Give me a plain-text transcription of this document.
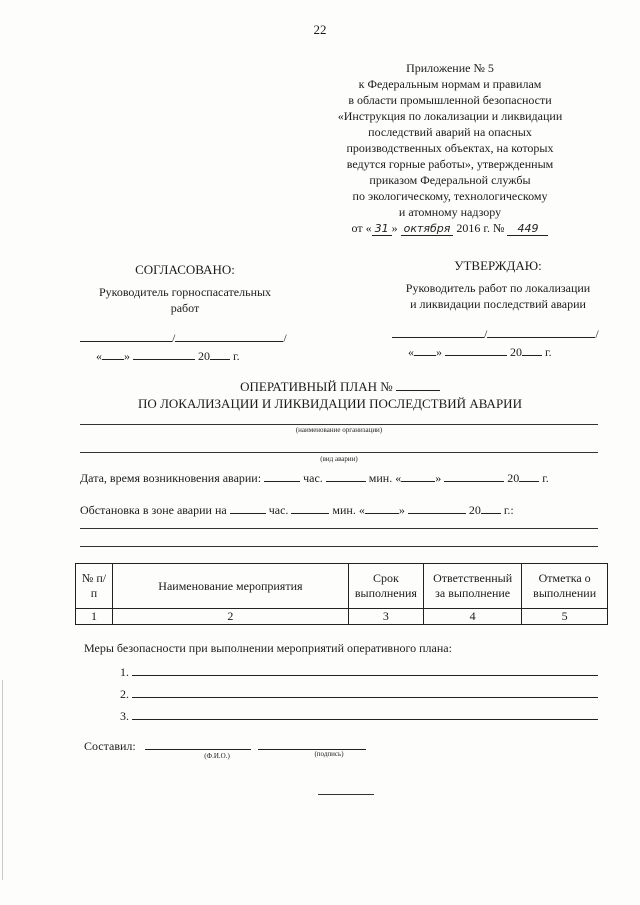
22
Приложение № 5
к Федеральным нормам и правилам
в области промышленной безопасности
«Инструкция по локализации и ликвидации
последствий аварий на опасных
производственных объектах, на которых
ведутся горные работы», утвержденным
приказом Федеральной службы
по экологическому, технологическому
и атомному надзору
от « 31 » октября 2016 г. № 449
СОГЛАСОВАНО:
Руководитель горноспасательных
работ
/	/
« »	20 г.
УТВЕРЖДАЮ:
Руководитель работ по локализации
и ликвидации последствий аварии
/	/
« »	20 г.
ОПЕРАТИВНЫЙ ПЛАН №
ПО ЛОКАЛИЗАЦИИ И ЛИКВИДАЦИИ ПОСЛЕДСТВИЙ АВАРИИ
(наименование организации)
(вид аварии)
Дата, время возникновения аварии:	час.	мин. «	»	20 г.
Обстановка в зоне аварии на	час.	мин. «	»	20 г.:
№ п/п	Наименование мероприятия	Срок выполнения	Ответственный за выполнение	Отметка о выполнении
1	2	3	4	5
Меры безопасности при выполнении мероприятий оперативного плана:
1.
2.
3.
Составил:
(Ф.И.О.)	(подпись)
